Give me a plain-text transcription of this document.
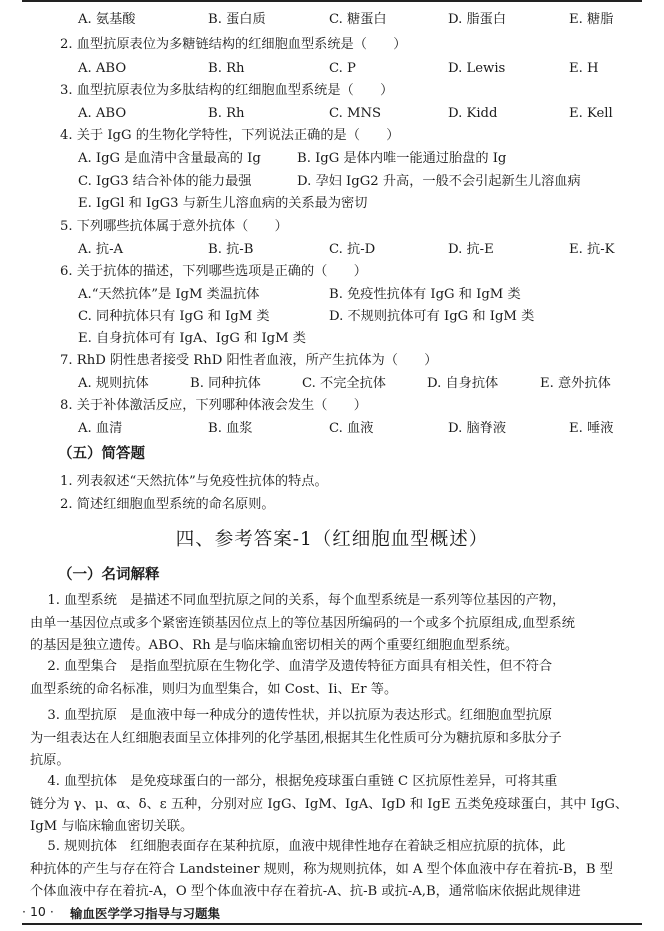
A. 氨基酸	B. 蛋白质	C. 糖蛋白	D. 脂蛋白	E. 糖脂
2. 血型抗原表位为多糖链结构的红细胞血型系统是（　　）
A. ABO	B. Rh	C. P	D. Lewis	E. H
3. 血型抗原表位为多肽结构的红细胞血型系统是（　　）
A. ABO	B. Rh	C. MNS	D. Kidd	E. Kell
4. 关于 IgG 的生物化学特性，下列说法正确的是（　　）
A. IgG 是血清中含量最高的 Ig	B. IgG 是体内唯一能通过胎盘的 Ig
C. IgG3 结合补体的能力最强	D. 孕妇 IgG2 升高，一般不会引起新生儿溶血病
E. IgGl 和 IgG3 与新生儿溶血病的关系最为密切
5. 下列哪些抗体属于意外抗体（　　）
A. 抗-A	B. 抗-B	C. 抗-D	D. 抗-E	E. 抗-K
6. 关于抗体的描述，下列哪些选项是正确的（　　）
A.“天然抗体”是 IgM 类温抗体	B. 免疫性抗体有 IgG 和 IgM 类
C. 同种抗体只有 IgG 和 IgM 类	D. 不规则抗体可有 IgG 和 IgM 类
E. 自身抗体可有 IgA、IgG 和 IgM 类
7. RhD 阴性患者接受 RhD 阳性者血液，所产生抗体为（　　）
A. 规则抗体	B. 同种抗体	C. 不完全抗体	D. 自身抗体	E. 意外抗体
8. 关于补体激活反应，下列哪种体液会发生（　　）
A. 血清	B. 血浆	C. 血液	D. 脑脊液	E. 唾液
（五）简答题
1. 列表叙述“天然抗体”与免疫性抗体的特点。
2. 简述红细胞血型系统的命名原则。
四、参考答案-1（红细胞血型概述）
（一）名词解释
　 1. 血型系统　是描述不同血型抗原之间的关系，每个血型系统是一系列等位基因的产物，
由单一基因位点或多个紧密连锁基因位点上的等位基因所编码的一个或多个抗原组成,血型系统
的基因是独立遗传。ABO、Rh 是与临床输血密切相关的两个重要红细胞血型系统。
　 2. 血型集合　是指血型抗原在生物化学、血清学及遗传特征方面具有相关性，但不符合
血型系统的命名标准，则归为血型集合，如 Cost、Ii、Er 等。
　 3. 血型抗原　是血液中每一种成分的遗传性状，并以抗原为表达形式。红细胞血型抗原
为一组表达在人红细胞表面呈立体排列的化学基团,根据其生化性质可分为糖抗原和多肽分子
抗原。
　 4. 血型抗体　是免疫球蛋白的一部分，根据免疫球蛋白重链 C 区抗原性差异，可将其重
链分为 γ、μ、α、δ、ε 五种，分别对应 IgG、IgM、IgA、IgD 和 IgE 五类免疫球蛋白，其中 IgG、
IgM 与临床输血密切关联。
　 5. 规则抗体　红细胞表面存在某种抗原，血液中规律性地存在着缺乏相应抗原的抗体，此
种抗体的产生与存在符合 Landsteiner 规则，称为规则抗体，如 A 型个体血液中存在着抗-B，B 型
个体血液中存在着抗-A，O 型个体血液中存在着抗-A、抗-B 或抗-A,B，通常临床依据此规律进
· 10 · 输血医学学习指导与习题集
